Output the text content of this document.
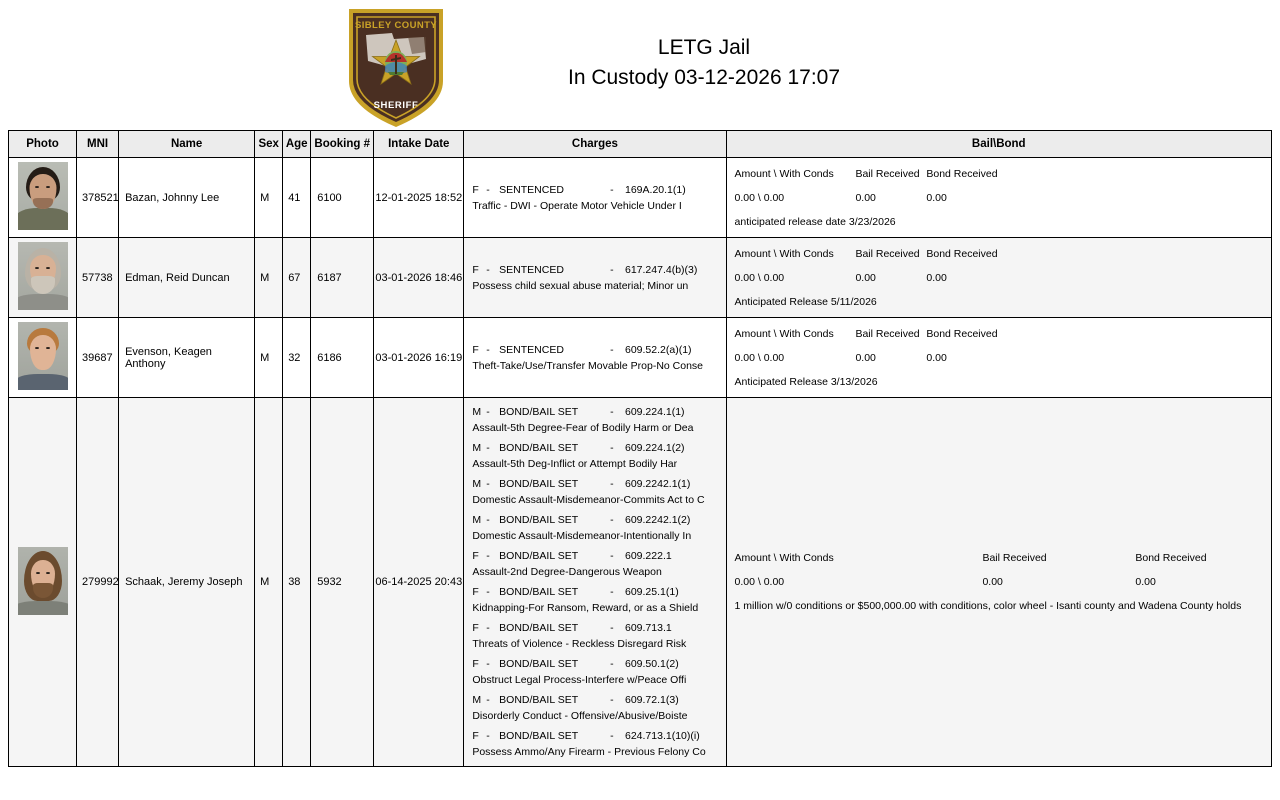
SIBLEY COUNTY
SHERIFF
LETG Jail
In Custody 03-12-2026 17:07
Photo	MNI	Name	Sex	Age	Booking #	Intake Date	Charges	Bail\Bond

	378521	Bazan, Johnny Lee	M	41	6100	12-01-2025 18:52	F - SENTENCED - 169A.20.1(1)
Traffic - DWI - Operate Motor Vehicle Under I	Amount \ With Conds Bail Received Bond Received
0.00 \ 0.00 0.00 0.00
anticipated release date 3/23/2026

	57738	Edman, Reid Duncan	M	67	6187	03-01-2026 18:46	F - SENTENCED - 617.247.4(b)(3)
Possess child sexual abuse material; Minor un	Amount \ With Conds Bail Received Bond Received
0.00 \ 0.00 0.00 0.00
Anticipated Release 5/11/2026

	39687	Evenson, Keagen Anthony	M	32	6186	03-01-2026 16:19	F - SENTENCED - 609.52.2(a)(1)
Theft-Take/Use/Transfer Movable Prop-No Conse	Amount \ With Conds Bail Received Bond Received
0.00 \ 0.00 0.00 0.00
Anticipated Release 3/13/2026

	279992	Schaak, Jeremy Joseph	M	38	5932	06-14-2025 20:43	
M - BOND/BAIL SET	- 609.224.1(1)
Assault-5th Degree-Fear of Bodily Harm or Dea
M - BOND/BAIL SET	- 609.224.1(2)
Assault-5th Deg-Inflict or Attempt Bodily Har
M - BOND/BAIL SET	- 609.2242.1(1)
Domestic Assault-Misdemeanor-Commits Act to C
M - BOND/BAIL SET	- 609.2242.1(2)
Domestic Assault-Misdemeanor-Intentionally In
F - BOND/BAIL SET	- 609.222.1
Assault-2nd Degree-Dangerous Weapon
F - BOND/BAIL SET	- 609.25.1(1)
Kidnapping-For Ransom, Reward, or as a Shield
F - BOND/BAIL SET	- 609.713.1
Threats of Violence - Reckless Disregard Risk
F - BOND/BAIL SET	- 609.50.1(2)
Obstruct Legal Process-Interfere w/Peace Offi
M - BOND/BAIL SET	- 609.72.1(3)
Disorderly Conduct - Offensive/Abusive/Boiste
F - BOND/BAIL SET	- 624.713.1(10)(i)
Possess Ammo/Any Firearm - Previous Felony Co

Amount \ With Conds	Bail Received	Bond Received
0.00 \ 0.00	0.00	0.00
1 million w/0 conditions or $500,000.00 with conditions, color wheel - Isanti county and Wadena County holds
